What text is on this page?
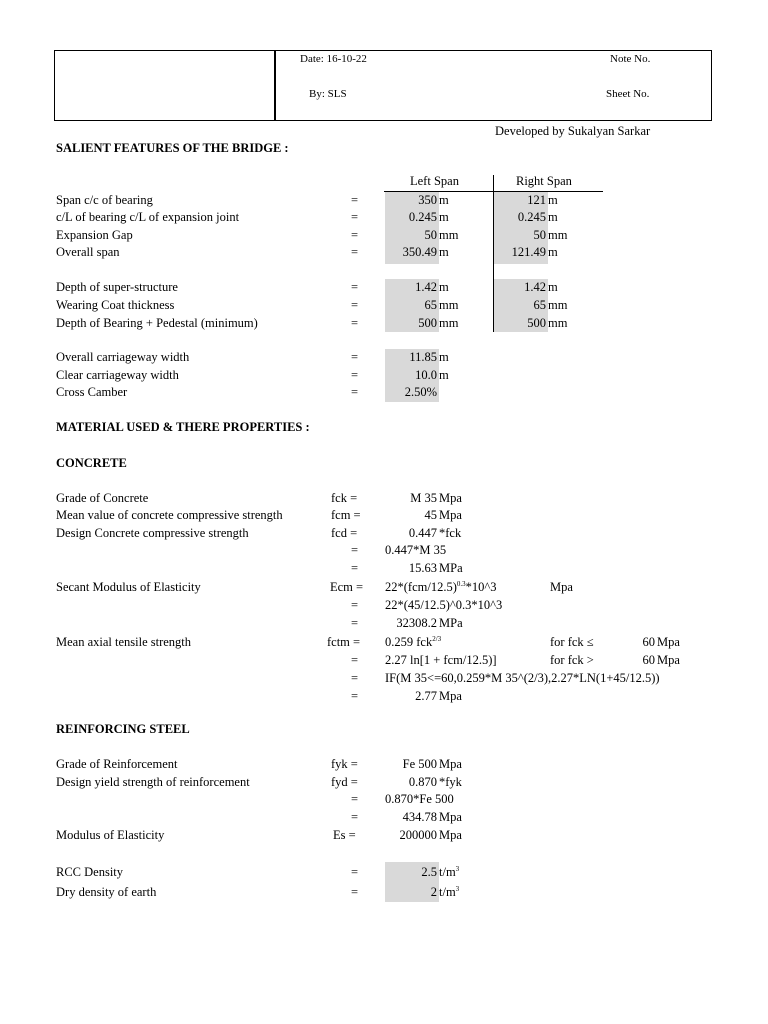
Date: 16-10-22	Note No.
By: SLS	Sheet No.
Developed by Sukalyan Sarkar
SALIENT FEATURES OF THE BRIDGE :
Left Span	Right Span
Span c/c of bearing	=	350 m	121 m
c/L of bearing c/L of expansion joint	=	0.245 m	0.245 m
Expansion Gap	=	50 mm	50 mm
Overall span	=	350.49 m	121.49 m
Depth of super-structure	=	1.42 m	1.42 m
Wearing Coat thickness	=	65 mm	65 mm
Depth of Bearing + Pedestal (minimum)	=	500 mm	500 mm
Overall carriageway width	=	11.85 m
Clear carriageway width	=	10.0 m
Cross Camber	=	2.50%
MATERIAL USED & THERE PROPERTIES :
CONCRETE
Grade of Concrete	fck =	M 35 Mpa
Mean value of concrete compressive strength	fcm =	45 Mpa
Design Concrete compressive strength	fcd =	0.447 *fck
= 0.447*M 35
=	15.63 MPa
Secant Modulus of Elasticity	Ecm = $22*(fcm/12.5)^{0.3}*10\^{}3$	Mpa
= 22*(45/12.5)^0.3*10^3
=	32308.2 MPa
Mean axial tensile strength	fctm = 0.259 fck$^{2/3}$	for fck ≤	60 Mpa
= 2.27 ln[1 + fcm/12.5)]	for fck >	60 Mpa
= IF(M 35<=60,0.259*M 35^(2/3),2.27*LN(1+45/12.5))
=	2.77 Mpa
REINFORCING STEEL
Grade of Reinforcement	fyk =	Fe 500 Mpa
Design yield strength of reinforcement	fyd =	0.870 *fyk
= 0.870*Fe 500
=	434.78 Mpa
Modulus of Elasticity	Es =	200000 Mpa
RCC Density	=	2.5 $t/m^3$
Dry density of earth	=	2 $t/m^3$
